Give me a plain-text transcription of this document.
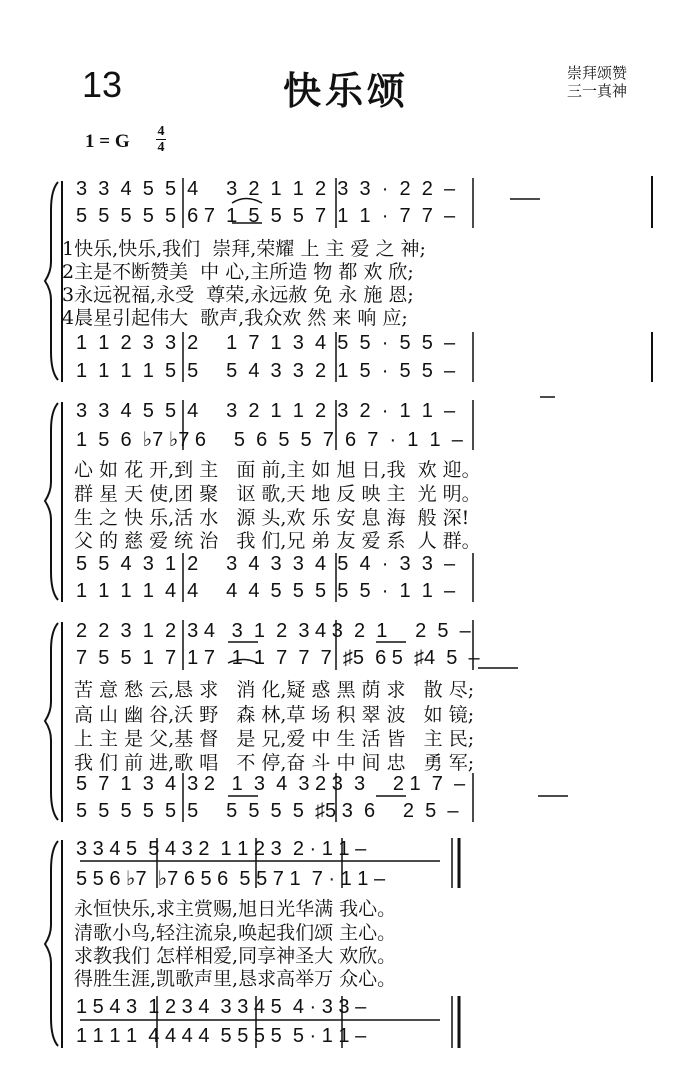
13	快乐颂	崇拜颂赞
三一真神
1 = G 4
4
3  3  4  5  5  4     3  2  1  1  2  3  3  ·  2  2  –
5  5  5  5  5  6 7  1  5  5  5  7  1  1  ·  7  7  –
1快乐,快乐,我们  崇拜,荣耀 上 主 爱 之 神;
2主是不断赞美  中 心,主所造 物 都 欢 欣;
3永远祝福,永受  尊荣,永远赦 免 永 施 恩;
4晨星引起伟大  歌声,我众欢 然 来 响 应;
1  1  2  3  3  2     1  7  1  3  4  5  5  ·  5  5  –
1  1  1  1  5  5     5  4  3  3  2  1  5  ·  5  5  –
3  3  4  5  5  4     3  2  1  1  2  3  2  ·  1  1  –
1  5  6  ♭7 ♭7 6     5  6  5  5  7  6  7  ·  1  1  –
心 如 花 开,到 主   面 前,主 如 旭 日,我  欢 迎。
群 星 天 使,团 聚   讴 歌,天 地 反 映 主  光 明。
生 之 快 乐,活 水   源 头,欢 乐 安 息 海  般 深!
父 的 慈 爱 统 治   我 们,兄 弟 友 爱 系  人 群。
5  5  4  3  1  2     3  4  3  3  4  5  4  ·  3  3  –
1  1  1  1  4  4     4  4  5  5  5  5  5  ·  1  1  –
2  2  3  1  2  3 4   3  1  2  3 4 3  2  1     2  5  –
7  5  5  1  7  1 7   1  1  7  7  7  ♯5  6 5  ♯4  5  –
苦 意 愁 云,恳 求   消 化,疑 惑 黑 荫 求   散 尽;
高 山 幽 谷,沃 野   森 林,草 场 积 翠 波   如 镜;
上 主 是 父,基 督   是 兄,爱 中 生 活 皆   主 民;
我 们 前 进,歌 唱   不 停,奋 斗 中 间 忠   勇 军;
5  7  1  3  4  3 2   1  3  4  3 2 3  3     2 1  7  –
5  5  5  5  5  5     5  5  5  5  ♯5 3  6     2  5  –
3 3 4 5  5 4 3 2  1 1 2 3  2 · 1 1 –
5 5 6 ♭7  ♭7 6 5 6  5 5 7 1  7 · 1 1 –
永恒快乐,求主赏赐,旭日光华满 我心。
清歌小鸟,轻注流泉,唤起我们颂 主心。
求教我们 怎样相爱,同享神圣大 欢欣。
得胜生涯,凯歌声里,恳求高举万 众心。
1 5 4 3  1 2 3 4  3 3 4 5  4 · 3 3 –
1 1 1 1  4 4 4 4  5 5 5 5  5 · 1 1 –
